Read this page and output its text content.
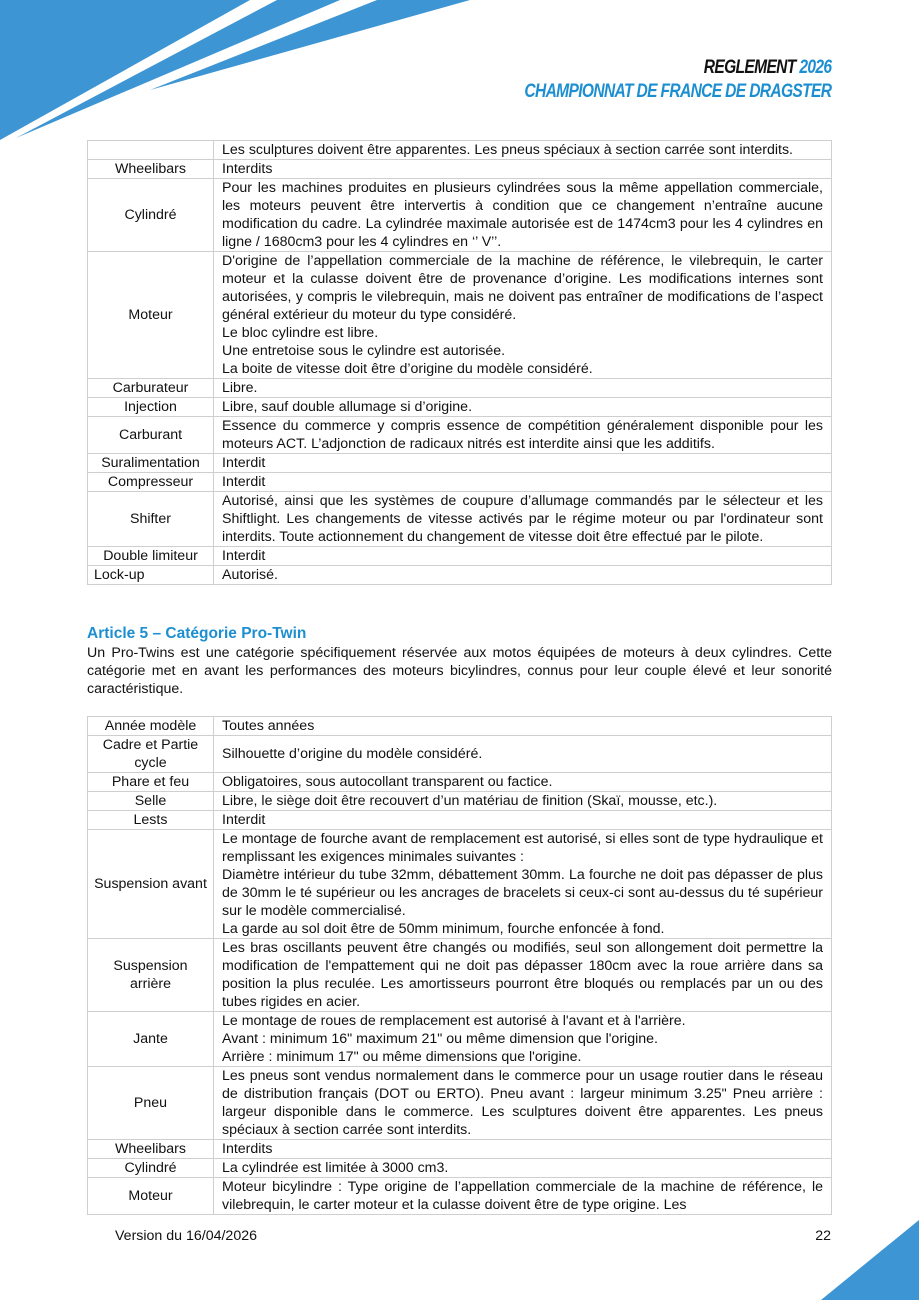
REGLEMENT 2026
CHAMPIONNAT DE FRANCE DE DRAGSTER

	Les sculptures doivent être apparentes. Les pneus spéciaux à section carrée sont interdits.

Wheelibars	Interdits

Cylindré	Pour les machines produites en plusieurs cylindrées sous la même appellation commerciale, les moteurs peuvent être intervertis à condition que ce changement n’entraîne aucune modification du cadre. La cylindrée maximale autorisée est de 1474cm3 pour les 4 cylindres en ligne / 1680cm3 pour les 4 cylindres en ‘’ V’’.

Moteur	D'origine de l’appellation commerciale de la machine de référence, le vilebrequin, le carter moteur et la culasse doivent être de provenance d’origine. Les modifications internes sont autorisées, y compris le vilebrequin, mais ne doivent pas entraîner de modifications de l’aspect général extérieur du moteur du type considéré.
Le bloc cylindre est libre.
Une entretoise sous le cylindre est autorisée.
La boite de vitesse doit être d’origine du modèle considéré.

Carburateur	Libre.

Injection	Libre, sauf double allumage si d’origine.

Carburant	Essence du commerce y compris essence de compétition généralement disponible pour les moteurs ACT. L’adjonction de radicaux nitrés est interdite ainsi que les additifs.

Suralimentation	Interdit

Compresseur	Interdit

Shifter	Autorisé, ainsi que les systèmes de coupure d’allumage commandés par le sélecteur et les Shiftlight. Les changements de vitesse activés par le régime moteur ou par l'ordinateur sont interdits. Toute actionnement du changement de vitesse doit être effectué par le pilote.

Double limiteur	Interdit

Lock-up	Autorisé.
Article 5 – Catégorie Pro-Twin

Un Pro-Twins est une catégorie spécifiquement réservée aux motos équipées de moteurs à deux cylindres. Cette catégorie met en avant les performances des moteurs bicylindres, connus pour leur couple élevé et leur sonorité caractéristique.

Année modèle	Toutes années

Cadre et Partie cycle	Silhouette d’origine du modèle considéré.

Phare et feu	Obligatoires, sous autocollant transparent ou factice.

Selle	Libre, le siège doit être recouvert d’un matériau de finition (Skaï, mousse, etc.).

Lests	Interdit

Suspension avant	Le montage de fourche avant de remplacement est autorisé, si elles sont de type hydraulique et remplissant les exigences minimales suivantes :
Diamètre intérieur du tube 32mm, débattement 30mm. La fourche ne doit pas dépasser de plus de 30mm le té supérieur ou les ancrages de bracelets si ceux-ci sont au-dessus du té supérieur sur le modèle commercialisé.
La garde au sol doit être de 50mm minimum, fourche enfoncée à fond.

Suspension arrière	Les bras oscillants peuvent être changés ou modifiés, seul son allongement doit permettre la modification de l'empattement qui ne doit pas dépasser 180cm avec la roue arrière dans sa position la plus reculée. Les amortisseurs pourront être bloqués ou remplacés par un ou des tubes rigides en acier.

Jante	Le montage de roues de remplacement est autorisé à l'avant et à l'arrière.
Avant : minimum 16" maximum 21" ou même dimension que l'origine.
Arrière : minimum 17" ou même dimensions que l'origine.

Pneu	Les pneus sont vendus normalement dans le commerce pour un usage routier dans le réseau de distribution français (DOT ou ERTO). Pneu avant : largeur minimum 3.25" Pneu arrière : largeur disponible dans le commerce. Les sculptures doivent être apparentes. Les pneus spéciaux à section carrée sont interdits.

Wheelibars	Interdits

Cylindré	La cylindrée est limitée à 3000 cm3.

Moteur	Moteur bicylindre : Type origine de l’appellation commerciale de la machine de référence, le vilebrequin, le carter moteur et la culasse doivent être de type origine. Les
Version du 16/04/2026	22
